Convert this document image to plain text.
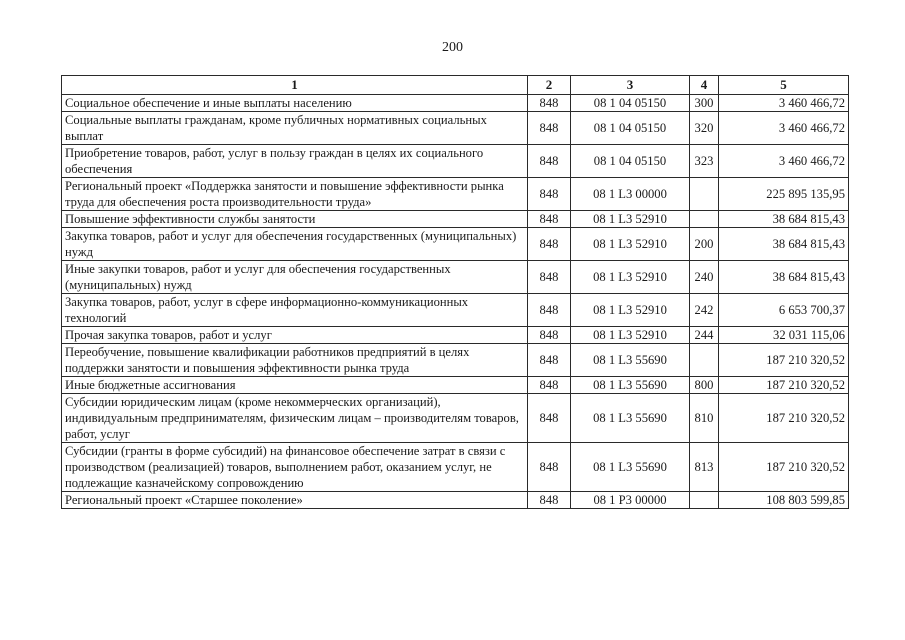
200
1	2	3	4	5
Социальное обеспечение и иные выплаты населению	848	08 1 04 05150	300	3 460 466,72
Социальные выплаты гражданам, кроме публичных нормативных социальных выплат	848	08 1 04 05150	320	3 460 466,72
Приобретение товаров, работ, услуг в пользу граждан в целях их социального обеспечения	848	08 1 04 05150	323	3 460 466,72
Региональный проект «Поддержка занятости и повышение эффективности рынка труда для обеспечения роста производительности труда»	848	08 1 L3 00000		225 895 135,95
Повышение эффективности службы занятости	848	08 1 L3 52910		38 684 815,43
Закупка товаров, работ и услуг для обеспечения государственных (муниципальных) нужд	848	08 1 L3 52910	200	38 684 815,43
Иные закупки товаров, работ и услуг для обеспечения государственных (муниципальных) нужд	848	08 1 L3 52910	240	38 684 815,43
Закупка товаров, работ, услуг в сфере информационно-коммуникационных технологий	848	08 1 L3 52910	242	6 653 700,37
Прочая закупка товаров, работ и услуг	848	08 1 L3 52910	244	32 031 115,06
Переобучение, повышение квалификации работников предприятий в целях поддержки занятости и повышения эффективности рынка труда	848	08 1 L3 55690		187 210 320,52
Иные бюджетные ассигнования	848	08 1 L3 55690	800	187 210 320,52
Субсидии юридическим лицам (кроме некоммерческих организаций), индивидуальным предпринимателям, физическим лицам – производителям товаров, работ, услуг	848	08 1 L3 55690	810	187 210 320,52
Субсидии (гранты в форме субсидий) на финансовое обеспечение затрат в связи с производством (реализацией) товаров, выполнением работ, оказанием услуг, не подлежащие казначейскому сопровождению	848	08 1 L3 55690	813	187 210 320,52
Региональный проект «Старшее поколение»	848	08 1 P3 00000		108 803 599,85
